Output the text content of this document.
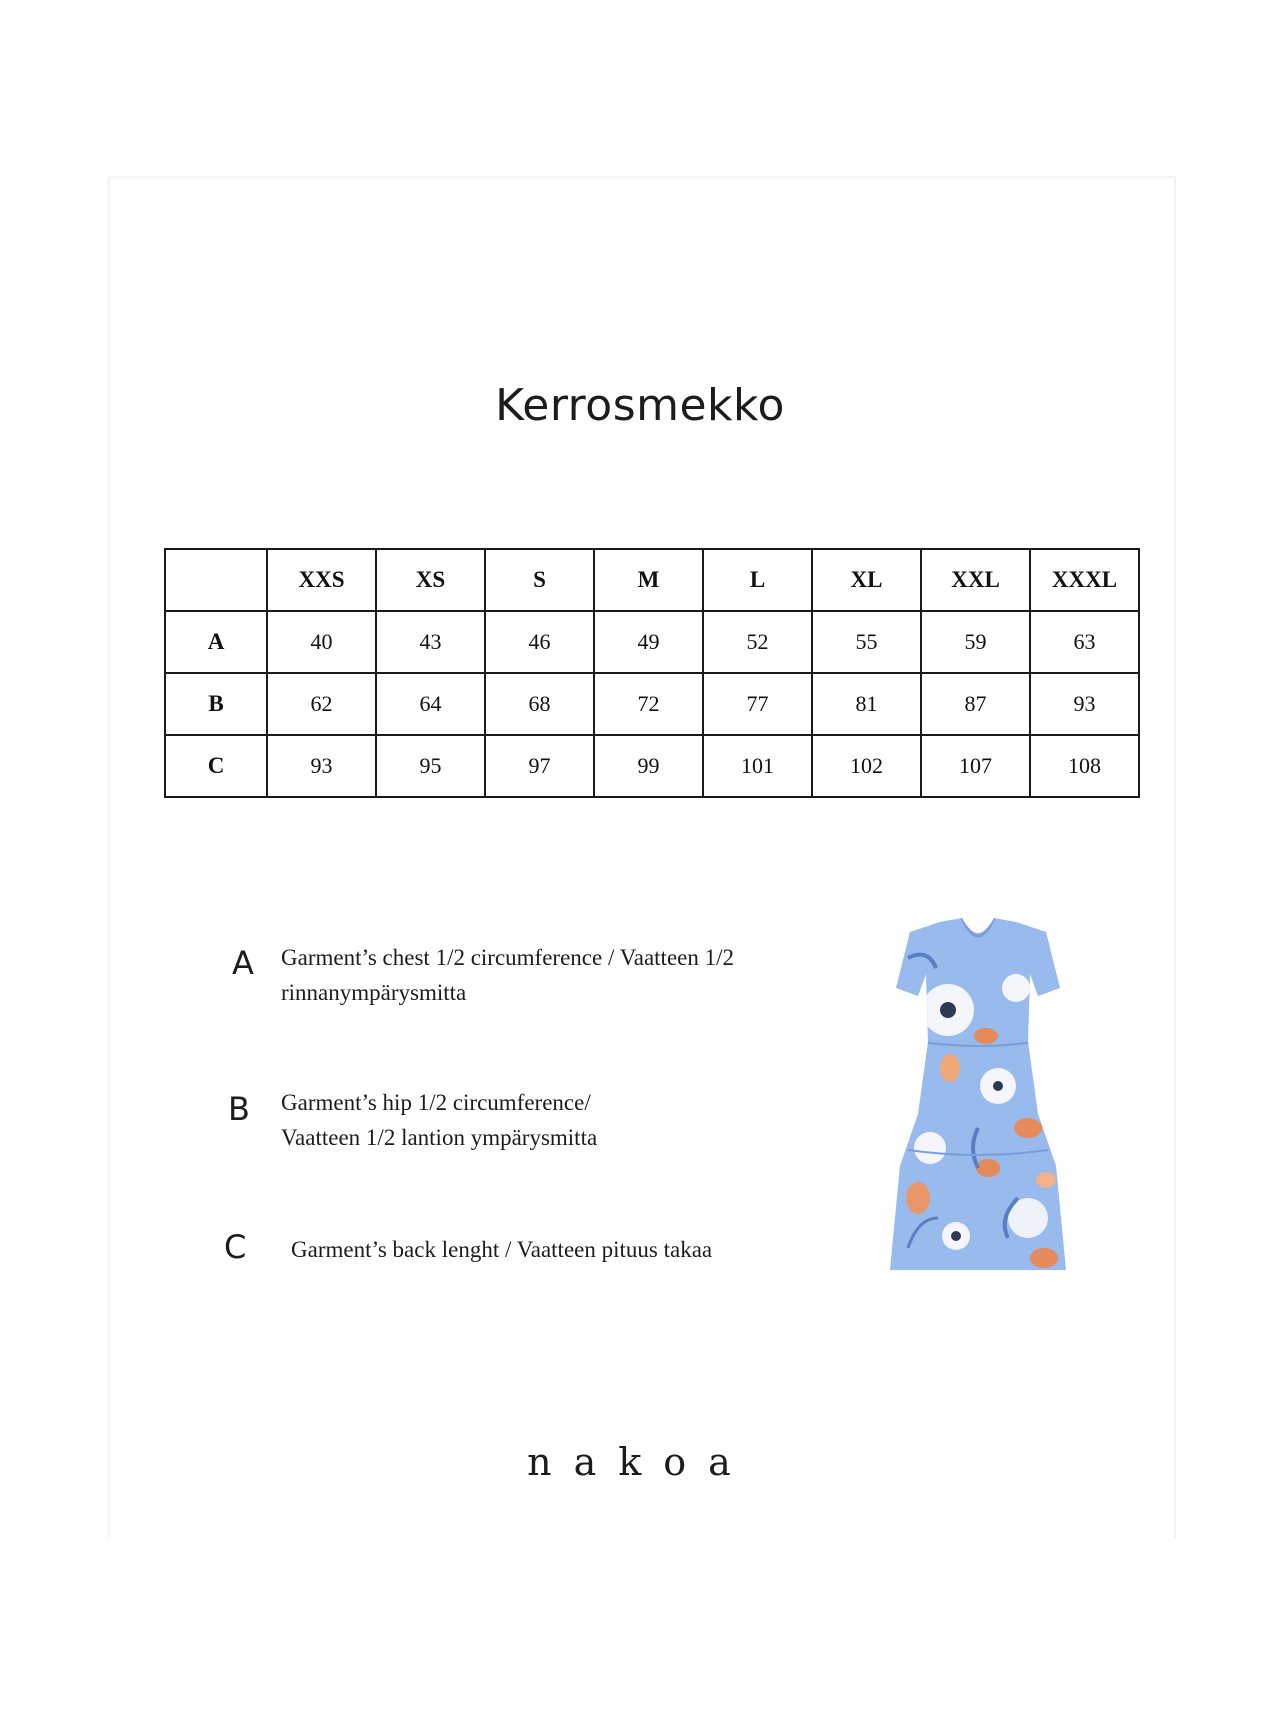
Kerrosmekko
	XXS	XS	S	M	L	XL	XXL	XXXL
A	40	43	46	49	52	55	59	63
B	62	64	68	72	77	81	87	93
C	93	95	97	99	101	102	107	108
A Garment’s chest 1/2 circumference / Vaatteen 1/2
rinnanympärysmitta
B Garment’s hip 1/2 circumference/
Vaatteen 1/2 lantion ympärysmitta
C Garment’s back lenght / Vaatteen pituus takaa
nakoa
